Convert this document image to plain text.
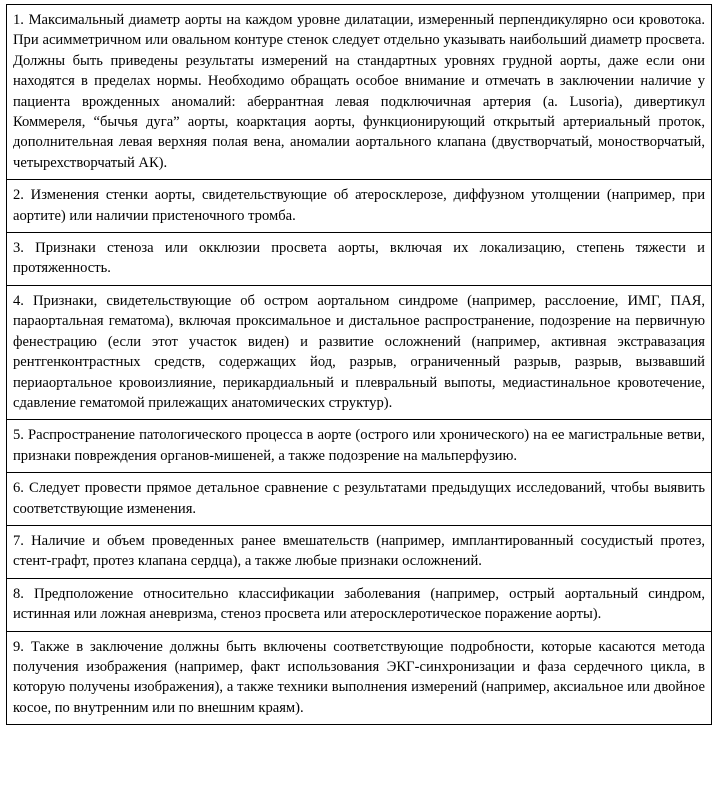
1. Максимальный диаметр аорты на каждом уровне дилатации, измеренный перпендикулярно оси кровотока. При асимметричном или овальном контуре стенок следует отдельно указывать наибольший диаметр просвета. Должны быть приведены результаты измерений на стандартных уровнях грудной аорты, даже если они находятся в пределах нормы. Необходимо обращать особое внимание и отмечать в заключении наличие у пациента врожденных аномалий: аберрантная левая подключичная артерия (a. Lusoria), дивертикул Коммереля, “бычья дуга” аорты, коарктация аорты, функционирующий открытый артериальный проток, дополнительная левая верхняя полая вена, аномалии аортального клапана (двустворчатый, моностворчатый, четырехстворчатый АК).

2. Изменения стенки аорты, свидетельствующие об атеросклерозе, диффузном утолщении (например, при аортите) или наличии пристеночного тромба.

3. Признаки стеноза или окклюзии просвета аорты, включая их локализацию, степень тяжести и протяженность.

4. Признаки, свидетельствующие об остром аортальном синдроме (например, расслоение, ИМГ, ПАЯ, параортальная гематома), включая проксимальное и дистальное распространение, подозрение на первичную фенестрацию (если этот участок виден) и развитие осложнений (например, активная экстравазация рентгенконтрастных средств, содержащих йод, разрыв, ограниченный разрыв, разрыв, вызвавший периаортальное кровоизлияние, перикардиальный и плевральный выпоты, медиастинальное кровотечение, сдавление гематомой прилежащих анатомических структур).

5. Распространение патологического процесса в аорте (острого или хронического) на ее магистральные ветви, признаки повреждения органов-мишеней, а также подозрение на мальперфузию.

6. Следует провести прямое детальное сравнение с результатами предыдущих исследований, чтобы выявить соответствующие изменения.

7. Наличие и объем проведенных ранее вмешательств (например, имплантированный сосудистый протез, стент-графт, протез клапана сердца), а также любые признаки осложнений.

8. Предположение относительно классификации заболевания (например, острый аортальный синдром, истинная или ложная аневризма, стеноз просвета или атеросклеротическое поражение аорты).

9. Также в заключение должны быть включены соответствующие подробности, которые касаются метода получения изображения (например, факт использования ЭКГ-синхронизации и фаза сердечного цикла, в которую получены изображения), а также техники выполнения измерений (например, аксиальное или двойное косое, по внутренним или по внешним краям).
